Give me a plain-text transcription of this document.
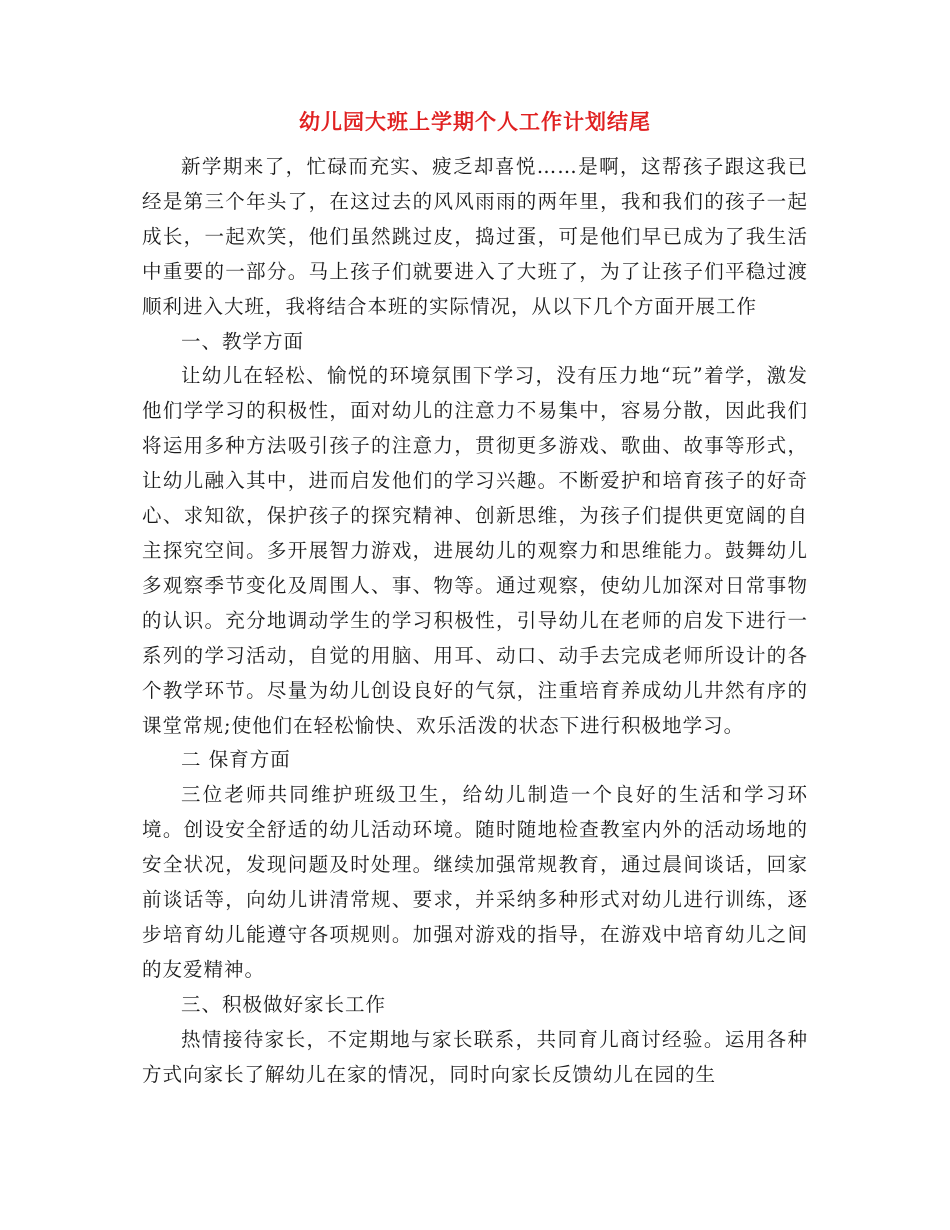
幼儿园大班上学期个人工作计划结尾

新学期来了，忙碌而充实、疲乏却喜悦……是啊，这帮孩子跟这我已经是第三个年头了，在这过去的风风雨雨的两年里，我和我们的孩子一起成长，一起欢笑，他们虽然跳过皮，捣过蛋，可是他们早已成为了我生活中重要的一部分。马上孩子们就要进入了大班了，为了让孩子们平稳过渡顺利进入大班，我将结合本班的实际情况，从以下几个方面开展工作

一、教学方面

让幼儿在轻松、愉悦的环境氛围下学习，没有压力地“玩”着学，激发他们学学习的积极性，面对幼儿的注意力不易集中，容易分散，因此我们将运用多种方法吸引孩子的注意力，贯彻更多游戏、歌曲、故事等形式，让幼儿融入其中，进而启发他们的学习兴趣。不断爱护和培育孩子的好奇心、求知欲，保护孩子的探究精神、创新思维，为孩子们提供更宽阔的自主探究空间。多开展智力游戏，进展幼儿的观察力和思维能力。鼓舞幼儿多观察季节变化及周围人、事、物等。通过观察，使幼儿加深对日常事物的认识。充分地调动学生的学习积极性，引导幼儿在老师的启发下进行一系列的学习活动，自觉的用脑、用耳、动口、动手去完成老师所设计的各个教学环节。尽量为幼儿创设良好的气氛，注重培育养成幼儿井然有序的课堂常规;使他们在轻松愉快、欢乐活泼的状态下进行积极地学习。

二 保育方面

三位老师共同维护班级卫生，给幼儿制造一个良好的生活和学习环境。创设安全舒适的幼儿活动环境。随时随地检查教室内外的活动场地的安全状况，发现问题及时处理。继续加强常规教育，通过晨间谈话，回家前谈话等，向幼儿讲清常规、要求，并采纳多种形式对幼儿进行训练，逐步培育幼儿能遵守各项规则。加强对游戏的指导，在游戏中培育幼儿之间的友爱精神。

三、积极做好家长工作

热情接待家长，不定期地与家长联系，共同育儿商讨经验。运用各种方式向家长了解幼儿在家的情况，同时向家长反馈幼儿在园的生
